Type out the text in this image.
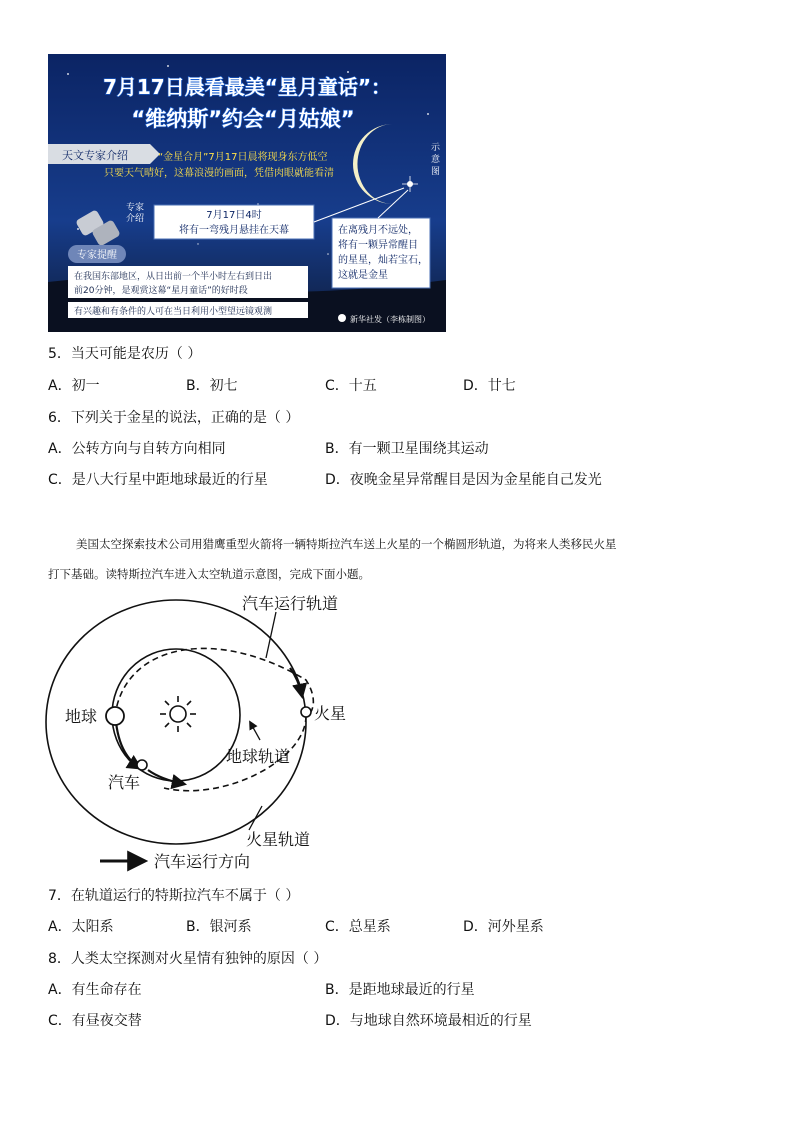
7月17日晨看最美“星月童话”：
“维纳斯”约会“月姑娘”
天文专家介绍	“金星合月”7月17日晨将现身东方低空
只要天气晴好，这幕浪漫的画面，凭借肉眼就能看清
示
意
图
专家
介绍	7月17日4时
将有一弯残月悬挂在天幕	在离残月不远处，
将有一颗异常醒目
的星星，灿若宝石，
这就是金星
专家提醒
在我国东部地区，从日出前一个半小时左右到日出
前20分钟，是观赏这幕“星月童话”的好时段
有兴趣和有条件的人可在当日利用小型望远镜观测
新华社发（李栋制图）
5．当天可能是农历（ ）
A．初一	B．初七	C．十五	D．廿七
6．下列关于金星的说法，正确的是（ ）
A．公转方向与自转方向相同	B．有一颗卫星围绕其运动
C．是八大行星中距地球最近的行星	D．夜晚金星异常醒目是因为金星能自己发光
美国太空探索技术公司用猎鹰重型火箭将一辆特斯拉汽车送上火星的一个椭圆形轨道，为将来人类移民火星
打下基础。读特斯拉汽车进入太空轨道示意图，完成下面小题。
汽车运行轨道
地球	火星
地球轨道
汽车
火星轨道
汽车运行方向
7．在轨道运行的特斯拉汽车不属于（ ）
A．太阳系	B．银河系	C．总星系	D．河外星系
8．人类太空探测对火星情有独钟的原因（ ）
A．有生命存在	B．是距地球最近的行星
C．有昼夜交替	D．与地球自然环境最相近的行星
